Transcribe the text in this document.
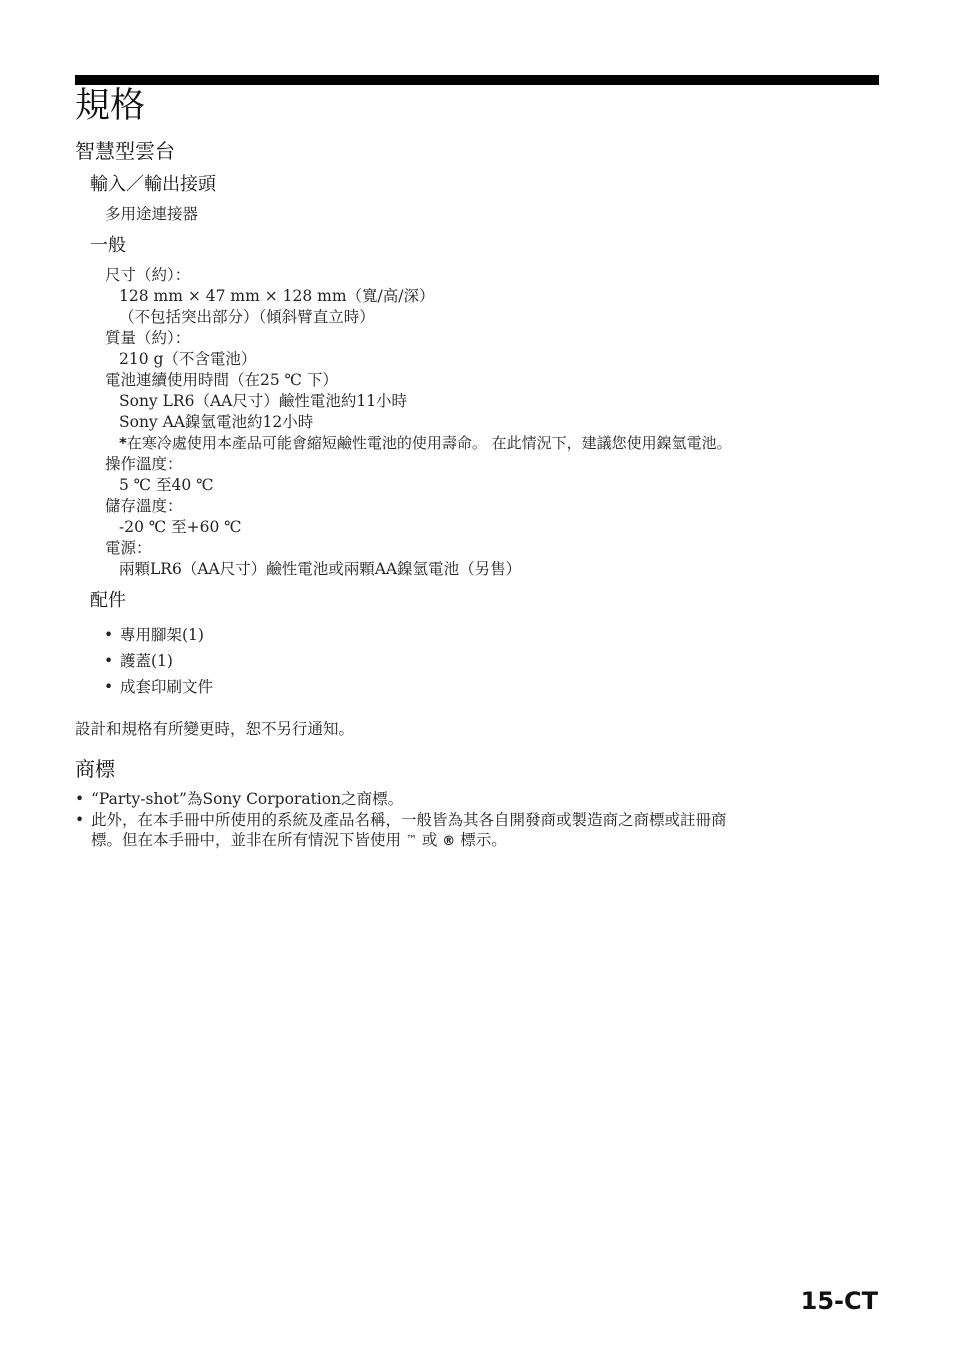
規格
智慧型雲台
輸入／輸出接頭
多用途連接器
一般
尺寸（約）：
128 mm × 47 mm × 128 mm（寬/高/深）
（不包括突出部分）（傾斜臂直立時）
質量（約）：
210 g（不含電池）
電池連續使用時間（在25 ℃ 下）
Sony LR6（AA尺寸）鹼性電池約11小時
Sony AA鎳氫電池約12小時
*在寒冷處使用本產品可能會縮短鹼性電池的使用壽命。 在此情況下，建議您使用鎳氫電池。
操作溫度：
5 ℃ 至40 ℃
儲存溫度：
-20 ℃ 至+60 ℃
電源：
兩顆LR6（AA尺寸）鹼性電池或兩顆AA鎳氫電池（另售）
配件
• 專用腳架(1)
• 護蓋(1)
• 成套印刷文件
設計和規格有所變更時，恕不另行通知。
商標
• “Party-shot”為Sony Corporation之商標。
• 此外，在本手冊中所使用的系統及產品名稱，一般皆為其各自開發商或製造商之商標或註冊商
標。但在本手冊中，並非在所有情況下皆使用 ™ 或 ® 標示。
15-CT
